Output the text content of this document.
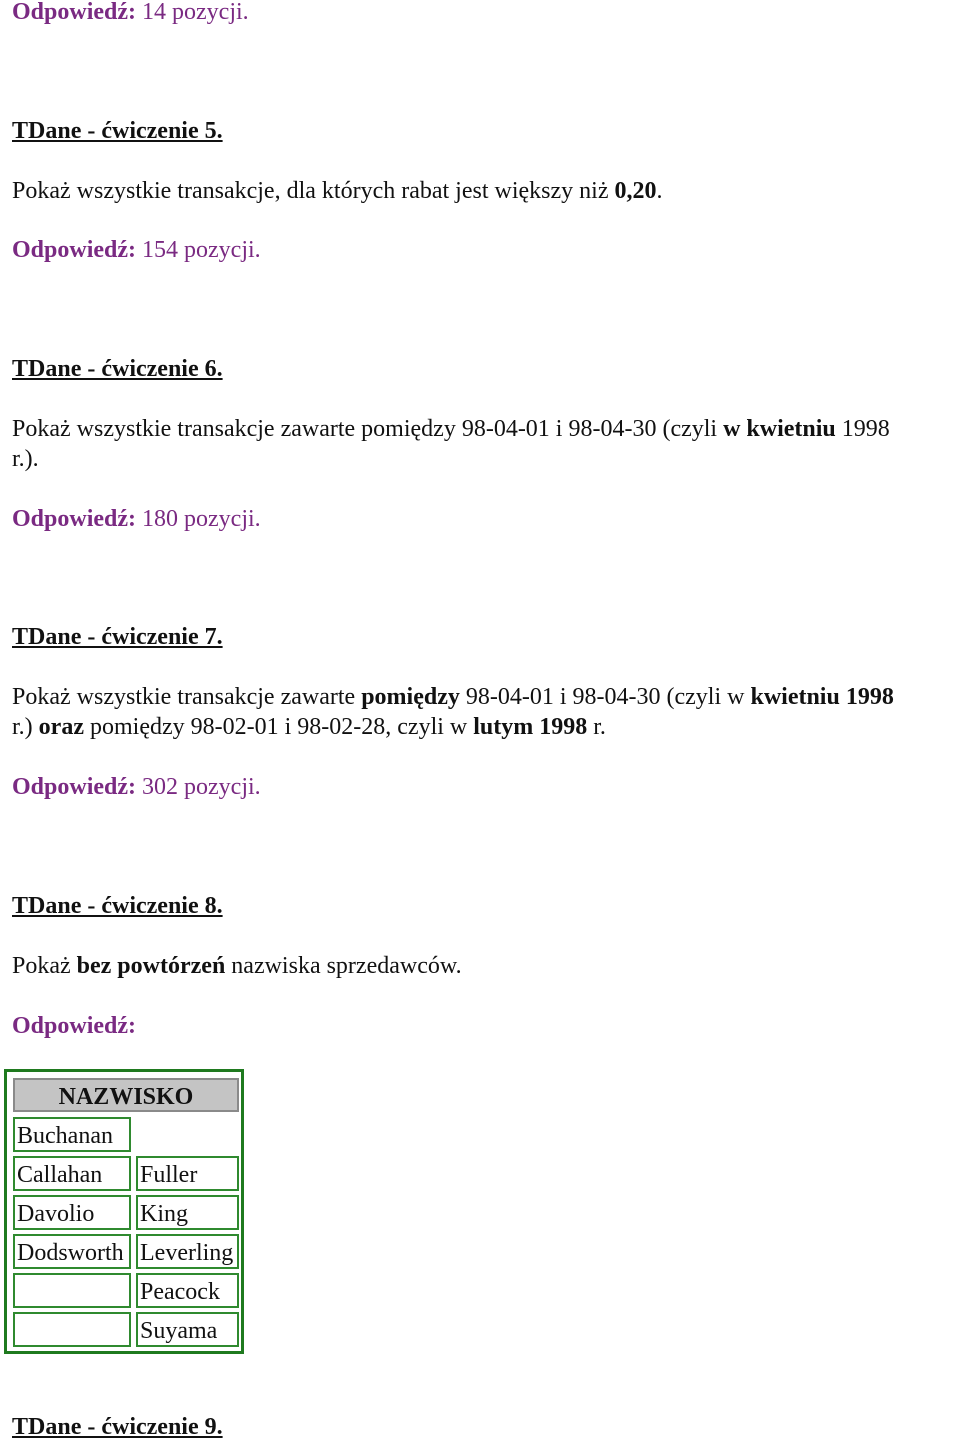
Odpowiedź: 14 pozycji.
TDane - ćwiczenie 5.
Pokaż wszystkie transakcje, dla których rabat jest większy niż 0,20.
Odpowiedź: 154 pozycji.
TDane - ćwiczenie 6.
Pokaż wszystkie transakcje zawarte pomiędzy 98-04-01 i 98-04-30 (czyli w kwietniu 1998
r.).
Odpowiedź: 180 pozycji.
TDane - ćwiczenie 7.
Pokaż wszystkie transakcje zawarte pomiędzy 98-04-01 i 98-04-30 (czyli w kwietniu 1998
r.) oraz pomiędzy 98-02-01 i 98-02-28, czyli w lutym 1998 r.
Odpowiedź: 302 pozycji.
TDane - ćwiczenie 8.
Pokaż bez powtórzeń nazwiska sprzedawców.
Odpowiedź:
NAZWISKO
Buchanan
Callahan
Davolio
Dodsworth
Fuller
King
Leverling
Peacock
Suyama
TDane - ćwiczenie 9.
